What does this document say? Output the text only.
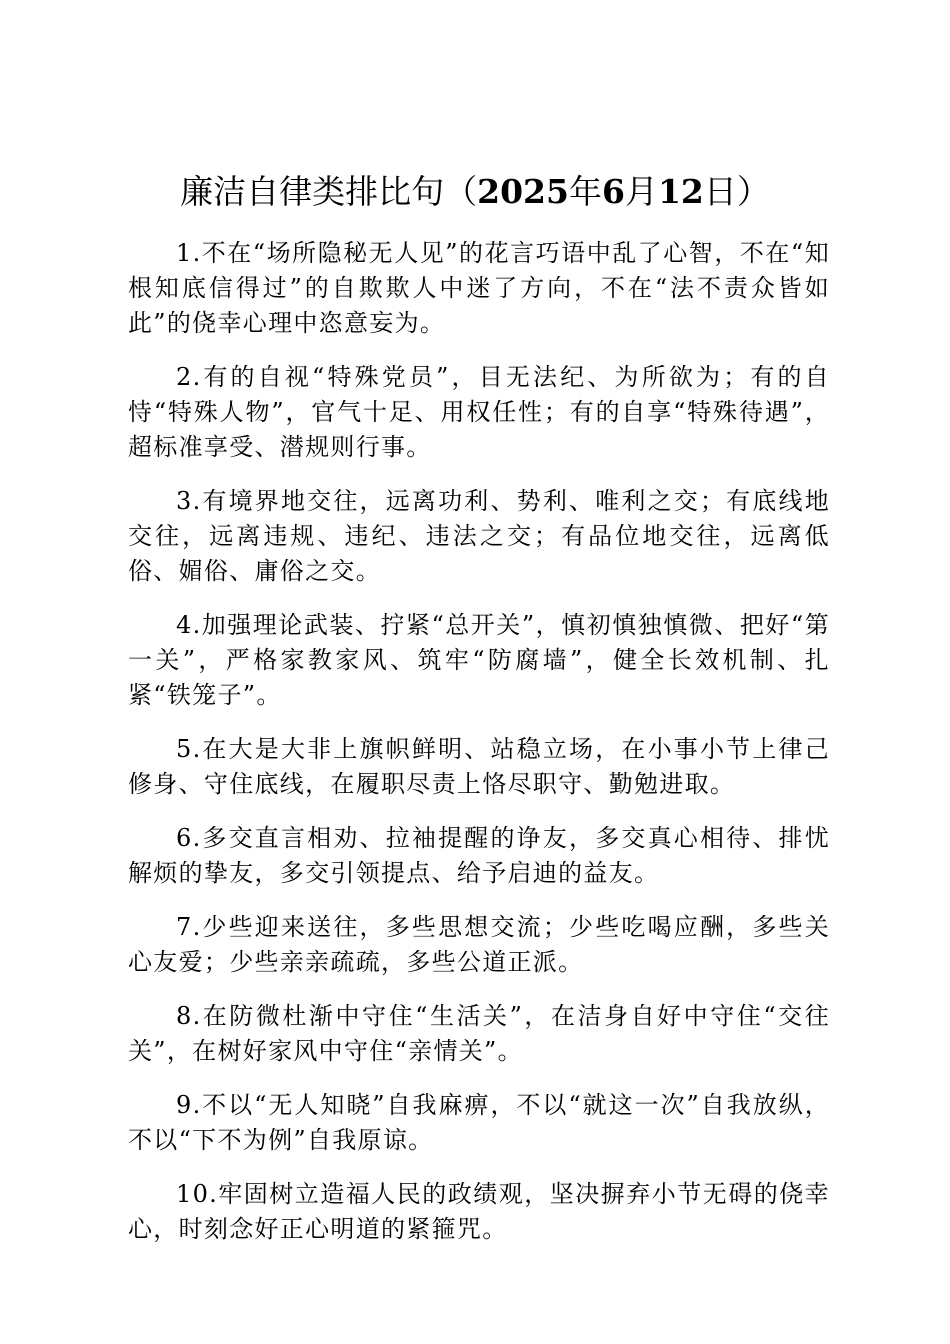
廉洁自律类排比句（2025年6月12日）

1.不在“场所隐秘无人见”的花言巧语中乱了心智，不在“知根知底信得过”的自欺欺人中迷了方向，不在“法不责众皆如此”的侥幸心理中恣意妄为。

2.有的自视“特殊党员”，目无法纪、为所欲为；有的自恃“特殊人物”，官气十足、用权任性；有的自享“特殊待遇”，超标准享受、潜规则行事。

3.有境界地交往，远离功利、势利、唯利之交；有底线地交往，远离违规、违纪、违法之交；有品位地交往，远离低俗、媚俗、庸俗之交。

4.加强理论武装、拧紧“总开关”，慎初慎独慎微、把好“第一关”，严格家教家风、筑牢“防腐墙”，健全长效机制、扎紧“铁笼子”。

5.在大是大非上旗帜鲜明、站稳立场，在小事小节上律己修身、守住底线，在履职尽责上恪尽职守、勤勉进取。

6.多交直言相劝、拉袖提醒的诤友，多交真心相待、排忧解烦的挚友，多交引领提点、给予启迪的益友。

7.少些迎来送往，多些思想交流；少些吃喝应酬，多些关心友爱；少些亲亲疏疏，多些公道正派。

8.在防微杜渐中守住“生活关”，在洁身自好中守住“交往关”，在树好家风中守住“亲情关”。

9.不以“无人知晓”自我麻痹，不以“就这一次”自我放纵，不以“下不为例”自我原谅。

10.牢固树立造福人民的政绩观，坚决摒弃小节无碍的侥幸心，时刻念好正心明道的紧箍咒。
